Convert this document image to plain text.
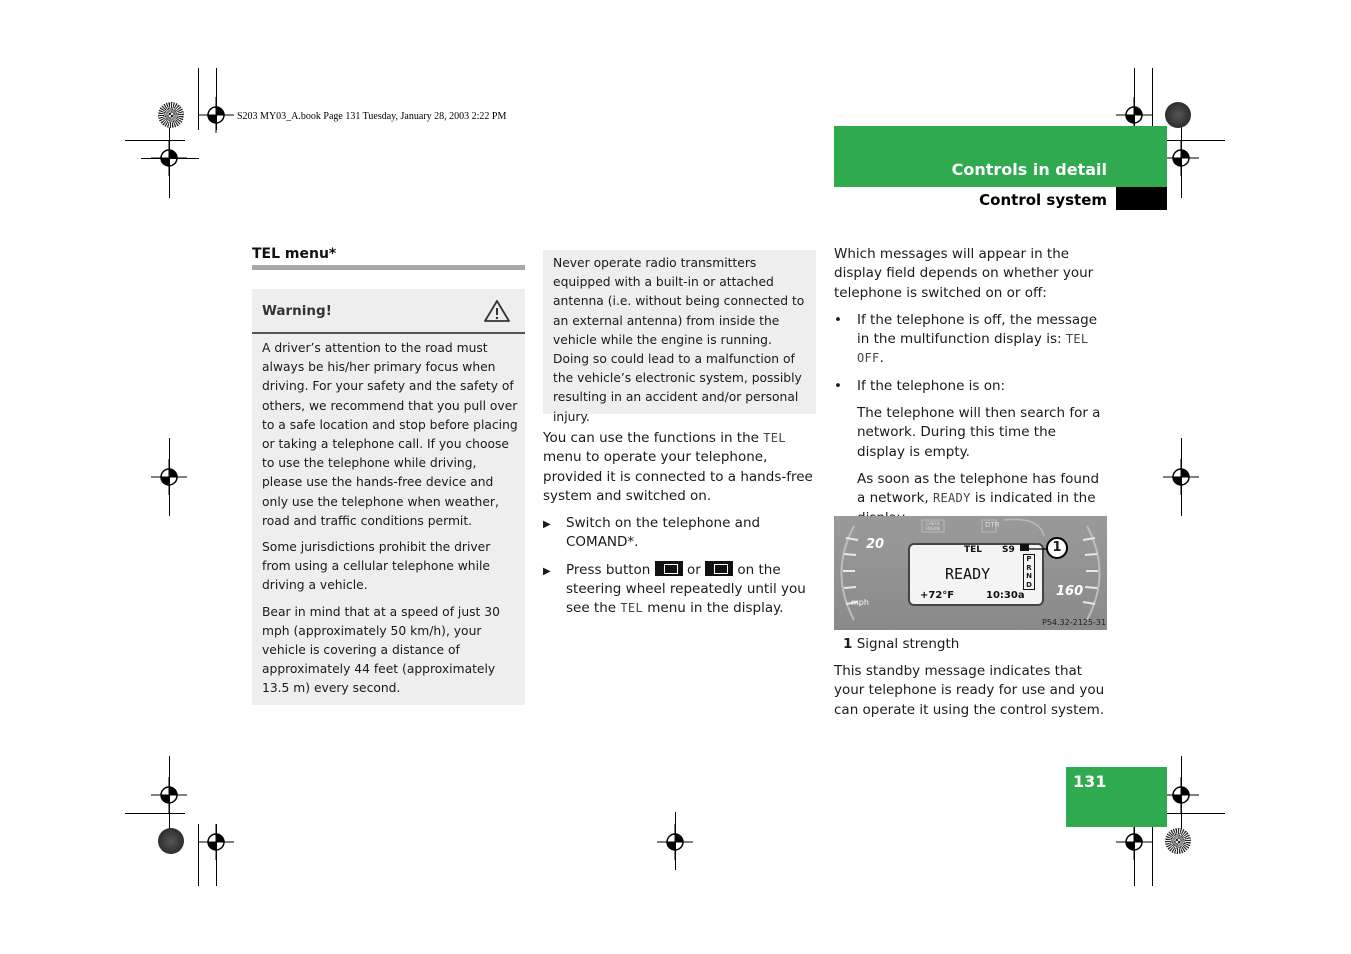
S203 MY03_A.book Page 131 Tuesday, January 28, 2003 2:22 PM
Controls in detail
Control system
TEL menu*
Warning!

A driver’s attention to the road must always be his/her primary focus when driving. For your safety and the safety of others, we recommend that you pull over to a safe location and stop before placing or taking a telephone call. If you choose to use the telephone while driving, please use the hands-free device and only use the telephone when weather, road and traffic conditions permit.

Some jurisdictions prohibit the driver from using a cellular telephone while driving a vehicle.

Bear in mind that at a speed of just 30 mph (approximately 50 km/h), your vehicle is covering a distance of approximately 44 feet (approximately 13.5 m) every second.

Never operate radio transmitters equipped with a built-in or attached antenna (i.e. without being connected to an external antenna) from inside the vehicle while the engine is running. Doing so could lead to a malfunction of the vehicle’s electronic system, possibly resulting in an accident and/or personal injury.

You can use the functions in the TEL menu to operate your telephone, provided it is connected to a hands-free system and switched on.

▶ Switch on the telephone and COMAND*.
▶ Press button	or	on the steering wheel repeatedly until you see the TEL menu in the display.

Which messages will appear in the display field depends on whether your telephone is switched on or off:

• If the telephone is off, the message in the multifunction display is: TEL OFF.
• If the telephone is on:

The telephone will then search for a network. During this time the display is empty.

As soon as the telephone has found a network, READY is indicated in the

20
160
mph
CHECK ENGINE	DTR
P54.32-2125-31
TEL S9
READY
+72°F	10:30a
P
R
N
D
1
1 Signal strength
This standby message indicates that your telephone is ready for use and you can operate it using the control system.
131
